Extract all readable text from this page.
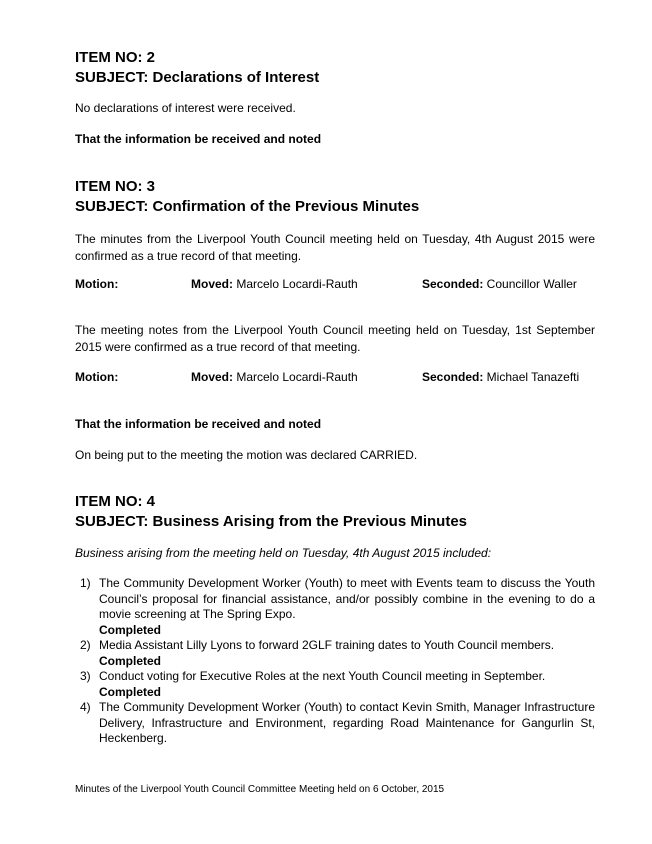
ITEM NO: 2

SUBJECT: Declarations of Interest

No declarations of interest were received.

That the information be received and noted

ITEM NO: 3

SUBJECT: Confirmation of the Previous Minutes

The minutes from the Liverpool Youth Council meeting held on Tuesday, 4th August 2015 were confirmed as a true record of that meeting.

Motion:	Moved: Marcelo Locardi-Rauth	Seconded: Councillor Waller

The meeting notes from the Liverpool Youth Council meeting held on Tuesday, 1st September 2015 were confirmed as a true record of that meeting.

Motion:	Moved: Marcelo Locardi-Rauth	Seconded: Michael Tanazefti

That the information be received and noted

On being put to the meeting the motion was declared CARRIED.

ITEM NO: 4

SUBJECT: Business Arising from the Previous Minutes

Business arising from the meeting held on Tuesday, 4th August 2015 included:

1) The Community Development Worker (Youth) to meet with Events team to discuss the Youth Council’s proposal for financial assistance, and/or possibly combine in the evening to do a movie screening at The Spring Expo.
Completed
2) Media Assistant Lilly Lyons to forward 2GLF training dates to Youth Council members.
Completed
3) Conduct voting for Executive Roles at the next Youth Council meeting in September.
Completed
4) The Community Development Worker (Youth) to contact Kevin Smith, Manager Infrastructure Delivery, Infrastructure and Environment, regarding Road Maintenance for Gangurlin St, Heckenberg.
Minutes of the Liverpool Youth Council Committee Meeting held on 6 October, 2015
